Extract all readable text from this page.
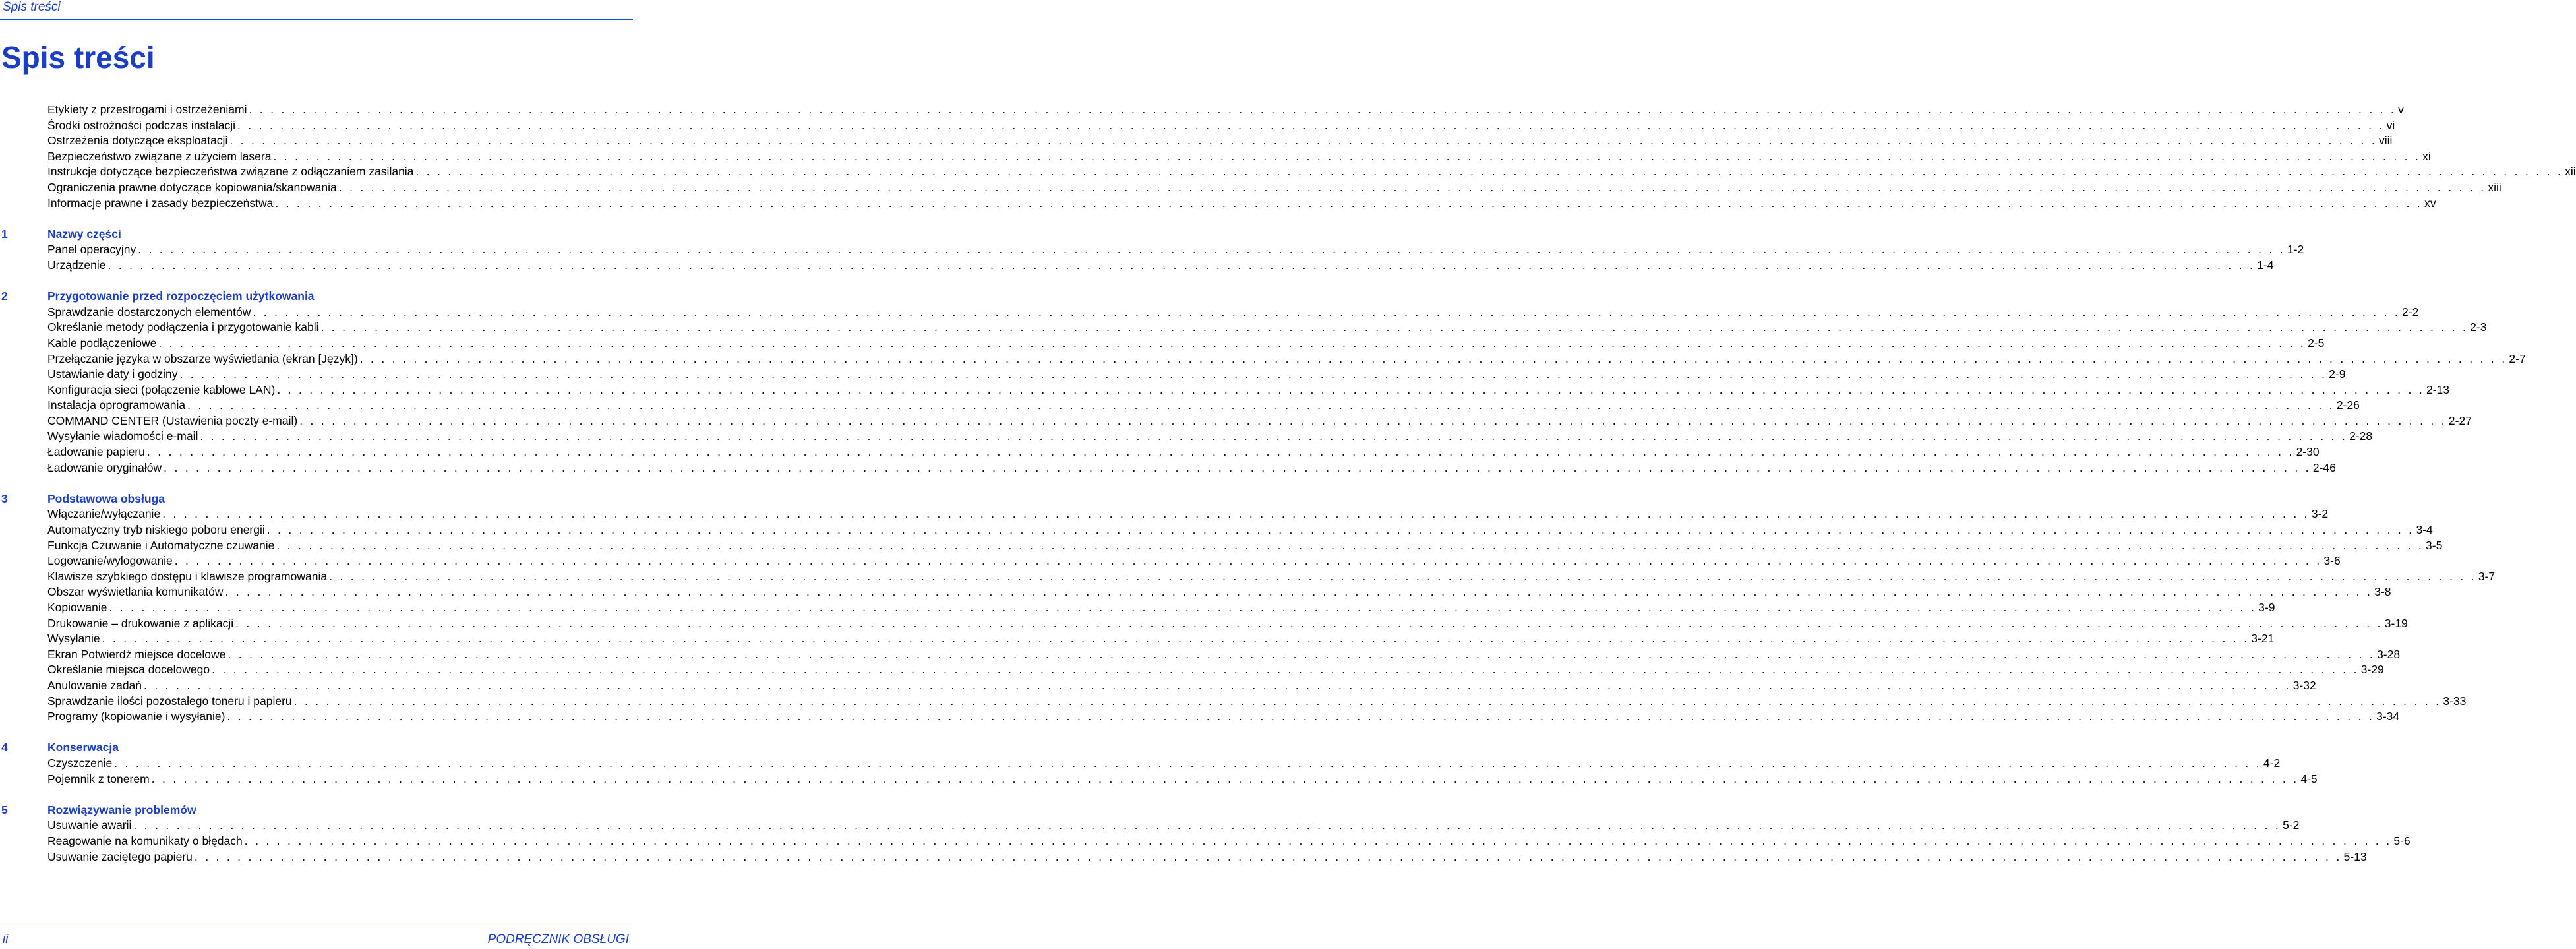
Spis treści
Spis treści
Etykiety z przestrogami i ostrzeżeniami . . . . . . . . . . . . . . . . . . . . . . . . . . . . . . . . . . . . . . . . . . . . . . . . . . . . . . . . . . . . . . . . . . . . . . . . . . . . . . . . . . . . . . . . . . . . . . . . . . . . . . . . . . . . . . . . . . . . . . . . . . . . . . . . . . . . . . . . . . . . . . . . . . . . . . . . . . . . . . . . . . . . . . . . . . . . . . . . . . . . . . . . . . . . . . . . . . . . . . . . v
Środki ostrożności podczas instalacji . . . . . . . . . . . . . . . . . . . . . . . . . . . . . . . . . . . . . . . . . . . . . . . . . . . . . . . . . . . . . . . . . . . . . . . . . . . . . . . . . . . . . . . . . . . . . . . . . . . . . . . . . . . . . . . . . . . . . . . . . . . . . . . . . . . . . . . . . . . . . . . . . . . . . . . . . . . . . . . . . . . . . . . . . . . . . . . . . . . . . . . . . . . . . . . . . . . . . . . . vi
Ostrzeżenia dotyczące eksploatacji . . . . . . . . . . . . . . . . . . . . . . . . . . . . . . . . . . . . . . . . . . . . . . . . . . . . . . . . . . . . . . . . . . . . . . . . . . . . . . . . . . . . . . . . . . . . . . . . . . . . . . . . . . . . . . . . . . . . . . . . . . . . . . . . . . . . . . . . . . . . . . . . . . . . . . . . . . . . . . . . . . . . . . . . . . . . . . . . . . . . . . . . . . . . . . . . . . . . . . . . viii
Bezpieczeństwo związane z użyciem lasera . . . . . . . . . . . . . . . . . . . . . . . . . . . . . . . . . . . . . . . . . . . . . . . . . . . . . . . . . . . . . . . . . . . . . . . . . . . . . . . . . . . . . . . . . . . . . . . . . . . . . . . . . . . . . . . . . . . . . . . . . . . . . . . . . . . . . . . . . . . . . . . . . . . . . . . . . . . . . . . . . . . . . . . . . . . . . . . . . . . . . . . . . . . . . . . . . . . . . . . . xi
Instrukcje dotyczące bezpieczeństwa związane z odłączaniem zasilania . . . . . . . . . . . . . . . . . . . . . . . . . . . . . . . . . . . . . . . . . . . . . . . . . . . . . . . . . . . . . . . . . . . . . . . . . . . . . . . . . . . . . . . . . . . . . . . . . . . . . . . . . . . . . . . . . . . . . . . . . . . . . . . . . . . . . . . . . . . . . . . . . . . . . . . . . . . . . . . . . . . . . . . . . . . . . . . . . . . . . . . . . . . . . . . . . . . . . . . . xii
Ograniczenia prawne dotyczące kopiowania/skanowania . . . . . . . . . . . . . . . . . . . . . . . . . . . . . . . . . . . . . . . . . . . . . . . . . . . . . . . . . . . . . . . . . . . . . . . . . . . . . . . . . . . . . . . . . . . . . . . . . . . . . . . . . . . . . . . . . . . . . . . . . . . . . . . . . . . . . . . . . . . . . . . . . . . . . . . . . . . . . . . . . . . . . . . . . . . . . . . . . . . . . . . . . . . . . . . . . . . . . . . . xiii
Informacje prawne i zasady bezpieczeństwa . . . . . . . . . . . . . . . . . . . . . . . . . . . . . . . . . . . . . . . . . . . . . . . . . . . . . . . . . . . . . . . . . . . . . . . . . . . . . . . . . . . . . . . . . . . . . . . . . . . . . . . . . . . . . . . . . . . . . . . . . . . . . . . . . . . . . . . . . . . . . . . . . . . . . . . . . . . . . . . . . . . . . . . . . . . . . . . . . . . . . . . . . . . . . . . . . . . . . . . . xv
1	Nazwy części
Panel operacyjny . . . . . . . . . . . . . . . . . . . . . . . . . . . . . . . . . . . . . . . . . . . . . . . . . . . . . . . . . . . . . . . . . . . . . . . . . . . . . . . . . . . . . . . . . . . . . . . . . . . . . . . . . . . . . . . . . . . . . . . . . . . . . . . . . . . . . . . . . . . . . . . . . . . . . . . . . . . . . . . . . . . . . . . . . . . . . . . . . . . . . . . . . . . . . . . . . . . . . . . . 1-2
Urządzenie . . . . . . . . . . . . . . . . . . . . . . . . . . . . . . . . . . . . . . . . . . . . . . . . . . . . . . . . . . . . . . . . . . . . . . . . . . . . . . . . . . . . . . . . . . . . . . . . . . . . . . . . . . . . . . . . . . . . . . . . . . . . . . . . . . . . . . . . . . . . . . . . . . . . . . . . . . . . . . . . . . . . . . . . . . . . . . . . . . . . . . . . . . . . . . . . . . . . . . . . 1-4
2	Przygotowanie przed rozpoczęciem użytkowania
Sprawdzanie dostarczonych elementów . . . . . . . . . . . . . . . . . . . . . . . . . . . . . . . . . . . . . . . . . . . . . . . . . . . . . . . . . . . . . . . . . . . . . . . . . . . . . . . . . . . . . . . . . . . . . . . . . . . . . . . . . . . . . . . . . . . . . . . . . . . . . . . . . . . . . . . . . . . . . . . . . . . . . . . . . . . . . . . . . . . . . . . . . . . . . . . . . . . . . . . . . . . . . . . . . . . . . . . . 2-2
Określanie metody podłączenia i przygotowanie kabli . . . . . . . . . . . . . . . . . . . . . . . . . . . . . . . . . . . . . . . . . . . . . . . . . . . . . . . . . . . . . . . . . . . . . . . . . . . . . . . . . . . . . . . . . . . . . . . . . . . . . . . . . . . . . . . . . . . . . . . . . . . . . . . . . . . . . . . . . . . . . . . . . . . . . . . . . . . . . . . . . . . . . . . . . . . . . . . . . . . . . . . . . . . . . . . . . . . . . . . . 2-3
Kable podłączeniowe . . . . . . . . . . . . . . . . . . . . . . . . . . . . . . . . . . . . . . . . . . . . . . . . . . . . . . . . . . . . . . . . . . . . . . . . . . . . . . . . . . . . . . . . . . . . . . . . . . . . . . . . . . . . . . . . . . . . . . . . . . . . . . . . . . . . . . . . . . . . . . . . . . . . . . . . . . . . . . . . . . . . . . . . . . . . . . . . . . . . . . . . . . . . . . . . . . . . . . . . 2-5
Przełączanie języka w obszarze wyświetlania (ekran [Język]) . . . . . . . . . . . . . . . . . . . . . . . . . . . . . . . . . . . . . . . . . . . . . . . . . . . . . . . . . . . . . . . . . . . . . . . . . . . . . . . . . . . . . . . . . . . . . . . . . . . . . . . . . . . . . . . . . . . . . . . . . . . . . . . . . . . . . . . . . . . . . . . . . . . . . . . . . . . . . . . . . . . . . . . . . . . . . . . . . . . . . . . . . . . . . . . . . . . . . . . . 2-7
Ustawianie daty i godziny . . . . . . . . . . . . . . . . . . . . . . . . . . . . . . . . . . . . . . . . . . . . . . . . . . . . . . . . . . . . . . . . . . . . . . . . . . . . . . . . . . . . . . . . . . . . . . . . . . . . . . . . . . . . . . . . . . . . . . . . . . . . . . . . . . . . . . . . . . . . . . . . . . . . . . . . . . . . . . . . . . . . . . . . . . . . . . . . . . . . . . . . . . . . . . . . . . . . . . . . 2-9
Konfiguracja sieci (połączenie kablowe LAN) . . . . . . . . . . . . . . . . . . . . . . . . . . . . . . . . . . . . . . . . . . . . . . . . . . . . . . . . . . . . . . . . . . . . . . . . . . . . . . . . . . . . . . . . . . . . . . . . . . . . . . . . . . . . . . . . . . . . . . . . . . . . . . . . . . . . . . . . . . . . . . . . . . . . . . . . . . . . . . . . . . . . . . . . . . . . . . . . . . . . . . . . . . . . . . . . . . . . . . . . 2-13
Instalacja oprogramowania . . . . . . . . . . . . . . . . . . . . . . . . . . . . . . . . . . . . . . . . . . . . . . . . . . . . . . . . . . . . . . . . . . . . . . . . . . . . . . . . . . . . . . . . . . . . . . . . . . . . . . . . . . . . . . . . . . . . . . . . . . . . . . . . . . . . . . . . . . . . . . . . . . . . . . . . . . . . . . . . . . . . . . . . . . . . . . . . . . . . . . . . . . . . . . . . . . . . . . . . 2-26
COMMAND CENTER (Ustawienia poczty e-mail) . . . . . . . . . . . . . . . . . . . . . . . . . . . . . . . . . . . . . . . . . . . . . . . . . . . . . . . . . . . . . . . . . . . . . . . . . . . . . . . . . . . . . . . . . . . . . . . . . . . . . . . . . . . . . . . . . . . . . . . . . . . . . . . . . . . . . . . . . . . . . . . . . . . . . . . . . . . . . . . . . . . . . . . . . . . . . . . . . . . . . . . . . . . . . . . . . . . . . . . . 2-27
Wysyłanie wiadomości e-mail . . . . . . . . . . . . . . . . . . . . . . . . . . . . . . . . . . . . . . . . . . . . . . . . . . . . . . . . . . . . . . . . . . . . . . . . . . . . . . . . . . . . . . . . . . . . . . . . . . . . . . . . . . . . . . . . . . . . . . . . . . . . . . . . . . . . . . . . . . . . . . . . . . . . . . . . . . . . . . . . . . . . . . . . . . . . . . . . . . . . . . . . . . . . . . . . . . . . . . . . 2-28
Ładowanie papieru . . . . . . . . . . . . . . . . . . . . . . . . . . . . . . . . . . . . . . . . . . . . . . . . . . . . . . . . . . . . . . . . . . . . . . . . . . . . . . . . . . . . . . . . . . . . . . . . . . . . . . . . . . . . . . . . . . . . . . . . . . . . . . . . . . . . . . . . . . . . . . . . . . . . . . . . . . . . . . . . . . . . . . . . . . . . . . . . . . . . . . . . . . . . . . . . . . . . . . . . 2-30
Ładowanie oryginałów . . . . . . . . . . . . . . . . . . . . . . . . . . . . . . . . . . . . . . . . . . . . . . . . . . . . . . . . . . . . . . . . . . . . . . . . . . . . . . . . . . . . . . . . . . . . . . . . . . . . . . . . . . . . . . . . . . . . . . . . . . . . . . . . . . . . . . . . . . . . . . . . . . . . . . . . . . . . . . . . . . . . . . . . . . . . . . . . . . . . . . . . . . . . . . . . . . . . . . . . 2-46
3	Podstawowa obsługa
Włączanie/wyłączanie . . . . . . . . . . . . . . . . . . . . . . . . . . . . . . . . . . . . . . . . . . . . . . . . . . . . . . . . . . . . . . . . . . . . . . . . . . . . . . . . . . . . . . . . . . . . . . . . . . . . . . . . . . . . . . . . . . . . . . . . . . . . . . . . . . . . . . . . . . . . . . . . . . . . . . . . . . . . . . . . . . . . . . . . . . . . . . . . . . . . . . . . . . . . . . . . . . . . . . . . 3-2
Automatyczny tryb niskiego poboru energii . . . . . . . . . . . . . . . . . . . . . . . . . . . . . . . . . . . . . . . . . . . . . . . . . . . . . . . . . . . . . . . . . . . . . . . . . . . . . . . . . . . . . . . . . . . . . . . . . . . . . . . . . . . . . . . . . . . . . . . . . . . . . . . . . . . . . . . . . . . . . . . . . . . . . . . . . . . . . . . . . . . . . . . . . . . . . . . . . . . . . . . . . . . . . . . . . . . . . . . . 3-4
Funkcja Czuwanie i Automatyczne czuwanie . . . . . . . . . . . . . . . . . . . . . . . . . . . . . . . . . . . . . . . . . . . . . . . . . . . . . . . . . . . . . . . . . . . . . . . . . . . . . . . . . . . . . . . . . . . . . . . . . . . . . . . . . . . . . . . . . . . . . . . . . . . . . . . . . . . . . . . . . . . . . . . . . . . . . . . . . . . . . . . . . . . . . . . . . . . . . . . . . . . . . . . . . . . . . . . . . . . . . . . . 3-5
Logowanie/wylogowanie . . . . . . . . . . . . . . . . . . . . . . . . . . . . . . . . . . . . . . . . . . . . . . . . . . . . . . . . . . . . . . . . . . . . . . . . . . . . . . . . . . . . . . . . . . . . . . . . . . . . . . . . . . . . . . . . . . . . . . . . . . . . . . . . . . . . . . . . . . . . . . . . . . . . . . . . . . . . . . . . . . . . . . . . . . . . . . . . . . . . . . . . . . . . . . . . . . . . . . . . 3-6
Klawisze szybkiego dostępu i klawisze programowania . . . . . . . . . . . . . . . . . . . . . . . . . . . . . . . . . . . . . . . . . . . . . . . . . . . . . . . . . . . . . . . . . . . . . . . . . . . . . . . . . . . . . . . . . . . . . . . . . . . . . . . . . . . . . . . . . . . . . . . . . . . . . . . . . . . . . . . . . . . . . . . . . . . . . . . . . . . . . . . . . . . . . . . . . . . . . . . . . . . . . . . . . . . . . . . . . . . . . . . . 3-7
Obszar wyświetlania komunikatów . . . . . . . . . . . . . . . . . . . . . . . . . . . . . . . . . . . . . . . . . . . . . . . . . . . . . . . . . . . . . . . . . . . . . . . . . . . . . . . . . . . . . . . . . . . . . . . . . . . . . . . . . . . . . . . . . . . . . . . . . . . . . . . . . . . . . . . . . . . . . . . . . . . . . . . . . . . . . . . . . . . . . . . . . . . . . . . . . . . . . . . . . . . . . . . . . . . . . . . . 3-8
Kopiowanie . . . . . . . . . . . . . . . . . . . . . . . . . . . . . . . . . . . . . . . . . . . . . . . . . . . . . . . . . . . . . . . . . . . . . . . . . . . . . . . . . . . . . . . . . . . . . . . . . . . . . . . . . . . . . . . . . . . . . . . . . . . . . . . . . . . . . . . . . . . . . . . . . . . . . . . . . . . . . . . . . . . . . . . . . . . . . . . . . . . . . . . . . . . . . . . . . . . . . . . . 3-9
Drukowanie – drukowanie z aplikacji . . . . . . . . . . . . . . . . . . . . . . . . . . . . . . . . . . . . . . . . . . . . . . . . . . . . . . . . . . . . . . . . . . . . . . . . . . . . . . . . . . . . . . . . . . . . . . . . . . . . . . . . . . . . . . . . . . . . . . . . . . . . . . . . . . . . . . . . . . . . . . . . . . . . . . . . . . . . . . . . . . . . . . . . . . . . . . . . . . . . . . . . . . . . . . . . . . . . . . . . 3-19
Wysyłanie . . . . . . . . . . . . . . . . . . . . . . . . . . . . . . . . . . . . . . . . . . . . . . . . . . . . . . . . . . . . . . . . . . . . . . . . . . . . . . . . . . . . . . . . . . . . . . . . . . . . . . . . . . . . . . . . . . . . . . . . . . . . . . . . . . . . . . . . . . . . . . . . . . . . . . . . . . . . . . . . . . . . . . . . . . . . . . . . . . . . . . . . . . . . . . . . . . . . . . . . 3-21
Ekran Potwierdź miejsce docelowe . . . . . . . . . . . . . . . . . . . . . . . . . . . . . . . . . . . . . . . . . . . . . . . . . . . . . . . . . . . . . . . . . . . . . . . . . . . . . . . . . . . . . . . . . . . . . . . . . . . . . . . . . . . . . . . . . . . . . . . . . . . . . . . . . . . . . . . . . . . . . . . . . . . . . . . . . . . . . . . . . . . . . . . . . . . . . . . . . . . . . . . . . . . . . . . . . . . . . . . . 3-28
Określanie miejsca docelowego . . . . . . . . . . . . . . . . . . . . . . . . . . . . . . . . . . . . . . . . . . . . . . . . . . . . . . . . . . . . . . . . . . . . . . . . . . . . . . . . . . . . . . . . . . . . . . . . . . . . . . . . . . . . . . . . . . . . . . . . . . . . . . . . . . . . . . . . . . . . . . . . . . . . . . . . . . . . . . . . . . . . . . . . . . . . . . . . . . . . . . . . . . . . . . . . . . . . . . . . 3-29
Anulowanie zadań . . . . . . . . . . . . . . . . . . . . . . . . . . . . . . . . . . . . . . . . . . . . . . . . . . . . . . . . . . . . . . . . . . . . . . . . . . . . . . . . . . . . . . . . . . . . . . . . . . . . . . . . . . . . . . . . . . . . . . . . . . . . . . . . . . . . . . . . . . . . . . . . . . . . . . . . . . . . . . . . . . . . . . . . . . . . . . . . . . . . . . . . . . . . . . . . . . . . . . . . 3-32
Sprawdzanie ilości pozostałego toneru i papieru . . . . . . . . . . . . . . . . . . . . . . . . . . . . . . . . . . . . . . . . . . . . . . . . . . . . . . . . . . . . . . . . . . . . . . . . . . . . . . . . . . . . . . . . . . . . . . . . . . . . . . . . . . . . . . . . . . . . . . . . . . . . . . . . . . . . . . . . . . . . . . . . . . . . . . . . . . . . . . . . . . . . . . . . . . . . . . . . . . . . . . . . . . . . . . . . . . . . . . . . 3-33
Programy (kopiowanie i wysyłanie) . . . . . . . . . . . . . . . . . . . . . . . . . . . . . . . . . . . . . . . . . . . . . . . . . . . . . . . . . . . . . . . . . . . . . . . . . . . . . . . . . . . . . . . . . . . . . . . . . . . . . . . . . . . . . . . . . . . . . . . . . . . . . . . . . . . . . . . . . . . . . . . . . . . . . . . . . . . . . . . . . . . . . . . . . . . . . . . . . . . . . . . . . . . . . . . . . . . . . . . . 3-34
4	Konserwacja
Czyszczenie . . . . . . . . . . . . . . . . . . . . . . . . . . . . . . . . . . . . . . . . . . . . . . . . . . . . . . . . . . . . . . . . . . . . . . . . . . . . . . . . . . . . . . . . . . . . . . . . . . . . . . . . . . . . . . . . . . . . . . . . . . . . . . . . . . . . . . . . . . . . . . . . . . . . . . . . . . . . . . . . . . . . . . . . . . . . . . . . . . . . . . . . . . . . . . . . . . . . . . . . 4-2
Pojemnik z tonerem . . . . . . . . . . . . . . . . . . . . . . . . . . . . . . . . . . . . . . . . . . . . . . . . . . . . . . . . . . . . . . . . . . . . . . . . . . . . . . . . . . . . . . . . . . . . . . . . . . . . . . . . . . . . . . . . . . . . . . . . . . . . . . . . . . . . . . . . . . . . . . . . . . . . . . . . . . . . . . . . . . . . . . . . . . . . . . . . . . . . . . . . . . . . . . . . . . . . . . . . 4-5
5	Rozwiązywanie problemów
Usuwanie awarii . . . . . . . . . . . . . . . . . . . . . . . . . . . . . . . . . . . . . . . . . . . . . . . . . . . . . . . . . . . . . . . . . . . . . . . . . . . . . . . . . . . . . . . . . . . . . . . . . . . . . . . . . . . . . . . . . . . . . . . . . . . . . . . . . . . . . . . . . . . . . . . . . . . . . . . . . . . . . . . . . . . . . . . . . . . . . . . . . . . . . . . . . . . . . . . . . . . . . . . . 5-2
Reagowanie na komunikaty o błędach . . . . . . . . . . . . . . . . . . . . . . . . . . . . . . . . . . . . . . . . . . . . . . . . . . . . . . . . . . . . . . . . . . . . . . . . . . . . . . . . . . . . . . . . . . . . . . . . . . . . . . . . . . . . . . . . . . . . . . . . . . . . . . . . . . . . . . . . . . . . . . . . . . . . . . . . . . . . . . . . . . . . . . . . . . . . . . . . . . . . . . . . . . . . . . . . . . . . . . . . 5-6
Usuwanie zaciętego papieru . . . . . . . . . . . . . . . . . . . . . . . . . . . . . . . . . . . . . . . . . . . . . . . . . . . . . . . . . . . . . . . . . . . . . . . . . . . . . . . . . . . . . . . . . . . . . . . . . . . . . . . . . . . . . . . . . . . . . . . . . . . . . . . . . . . . . . . . . . . . . . . . . . . . . . . . . . . . . . . . . . . . . . . . . . . . . . . . . . . . . . . . . . . . . . . . . . . . . . . . 5-13
ii	PODRĘCZNIK OBSŁUGI
